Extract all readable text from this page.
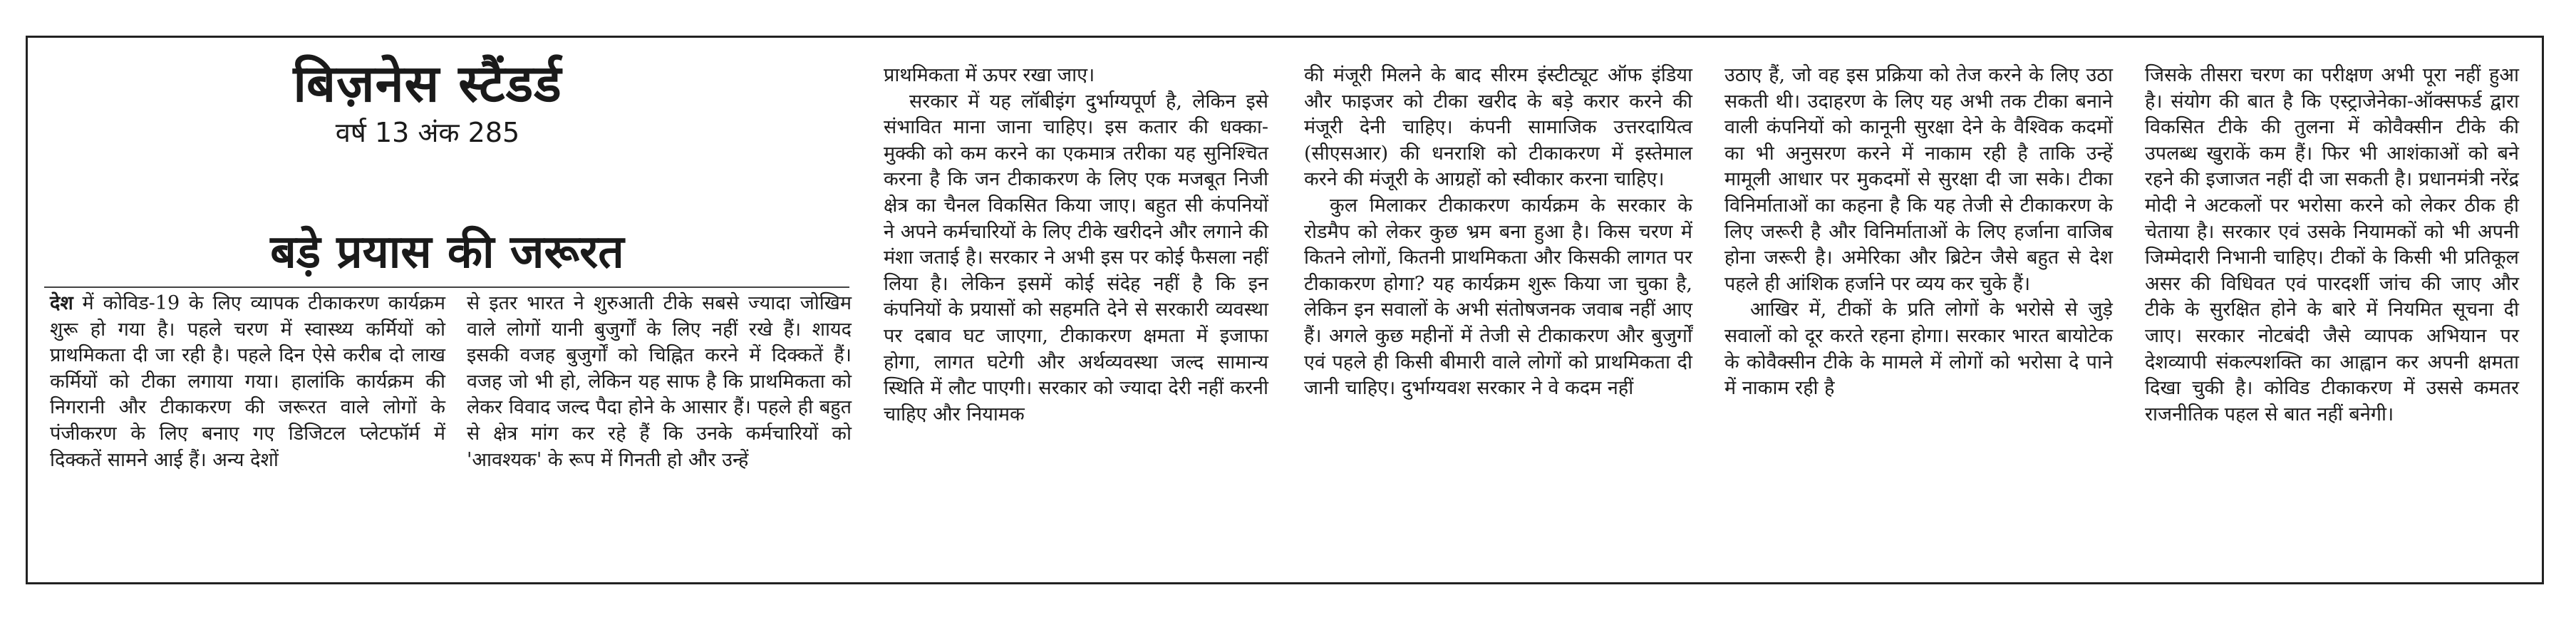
बिज़नेस स्टैंडर्ड
वर्ष 13 अंक 285
बड़े प्रयास की जरूरत

देश में कोविड-19 के लिए व्यापक टीकाकरण कार्यक्रम शुरू हो गया है। पहले चरण में स्वास्थ्य कर्मियों को प्राथमिकता दी जा रही है। पहले दिन ऐसे करीब दो लाख कर्मियों को टीका लगाया गया। हालांकि कार्यक्रम की निगरानी और टीकाकरण की जरूरत वाले लोगों के पंजीकरण के लिए बनाए गए डिजिटल प्लेटफॉर्म में दिक्कतें सामने आई हैं। अन्य देशों

से इतर भारत ने शुरुआती टीके सबसे ज्यादा जोखिम वाले लोगों यानी बुजुर्गों के लिए नहीं रखे हैं। शायद इसकी वजह बुजुर्गों को चिह्नित करने में दिक्कतें हैं। वजह जो भी हो, लेकिन यह साफ है कि प्राथमिकता को लेकर विवाद जल्द पैदा होने के आसार हैं। पहले ही बहुत से क्षेत्र मांग कर रहे हैं कि उनके कर्मचारियों को 'आवश्यक' के रूप में गिनती हो और उन्हें

प्राथमिकता में ऊपर रखा जाए।

सरकार में यह लॉबीइंग दुर्भाग्यपूर्ण है, लेकिन इसे संभावित माना जाना चाहिए। इस कतार की धक्का-मुक्की को कम करने का एकमात्र तरीका यह सुनिश्चित करना है कि जन टीकाकरण के लिए एक मजबूत निजी क्षेत्र का चैनल विकसित किया जाए। बहुत सी कंपनियों ने अपने कर्मचारियों के लिए टीके खरीदने और लगाने की मंशा जताई है। सरकार ने अभी इस पर कोई फैसला नहीं लिया है। लेकिन इसमें कोई संदेह नहीं है कि इन कंपनियों के प्रयासों को सहमति देने से सरकारी व्यवस्था पर दबाव घट जाएगा, टीकाकरण क्षमता में इजाफा होगा, लागत घटेगी और अर्थव्यवस्था जल्द सामान्य स्थिति में लौट पाएगी। सरकार को ज्यादा देरी नहीं करनी चाहिए और नियामक

की मंजूरी मिलने के बाद सीरम इंस्टीट्यूट ऑफ इंडिया और फाइजर को टीका खरीद के बड़े करार करने की मंजूरी देनी चाहिए। कंपनी सामाजिक उत्तरदायित्व (सीएसआर) की धनराशि को टीकाकरण में इस्तेमाल करने की मंजूरी के आग्रहों को स्वीकार करना चाहिए।

कुल मिलाकर टीकाकरण कार्यक्रम के सरकार के रोडमैप को लेकर कुछ भ्रम बना हुआ है। किस चरण में कितने लोगों, कितनी प्राथमिकता और किसकी लागत पर टीकाकरण होगा? यह कार्यक्रम शुरू किया जा चुका है, लेकिन इन सवालों के अभी संतोषजनक जवाब नहीं आए हैं। अगले कुछ महीनों में तेजी से टीकाकरण और बुजुर्गों एवं पहले ही किसी बीमारी वाले लोगों को प्राथमिकता दी जानी चाहिए। दुर्भाग्यवश सरकार ने वे कदम नहीं

उठाए हैं, जो वह इस प्रक्रिया को तेज करने के लिए उठा सकती थी। उदाहरण के लिए यह अभी तक टीका बनाने वाली कंपनियों को कानूनी सुरक्षा देने के वैश्विक कदमों का भी अनुसरण करने में नाकाम रही है ताकि उन्हें मामूली आधार पर मुकदमों से सुरक्षा दी जा सके। टीका विनिर्माताओं का कहना है कि यह तेजी से टीकाकरण के लिए जरूरी है और विनिर्माताओं के लिए हर्जाना वाजिब होना जरूरी है। अमेरिका और ब्रिटेन जैसे बहुत से देश पहले ही आंशिक हर्जाने पर व्यय कर चुके हैं।

आखिर में, टीकों के प्रति लोगों के भरोसे से जुड़े सवालों को दूर करते रहना होगा। सरकार भारत बायोटेक के कोवैक्सीन टीके के मामले में लोगों को भरोसा दे पाने में नाकाम रही है

जिसके तीसरा चरण का परीक्षण अभी पूरा नहीं हुआ है। संयोग की बात है कि एस्ट्राजेनेका-ऑक्सफर्ड द्वारा विकसित टीके की तुलना में कोवैक्सीन टीके की उपलब्ध खुराकें कम हैं। फिर भी आशंकाओं को बने रहने की इजाजत नहीं दी जा सकती है। प्रधानमंत्री नरेंद्र मोदी ने अटकलों पर भरोसा करने को लेकर ठीक ही चेताया है। सरकार एवं उसके नियामकों को भी अपनी जिम्मेदारी निभानी चाहिए। टीकों के किसी भी प्रतिकूल असर की विधिवत एवं पारदर्शी जांच की जाए और टीके के सुरक्षित होने के बारे में नियमित सूचना दी जाए। सरकार नोटबंदी जैसे व्यापक अभियान पर देशव्यापी संकल्पशक्ति का आह्वान कर अपनी क्षमता दिखा चुकी है। कोविड टीकाकरण में उससे कमतर राजनीतिक पहल से बात नहीं बनेगी।
